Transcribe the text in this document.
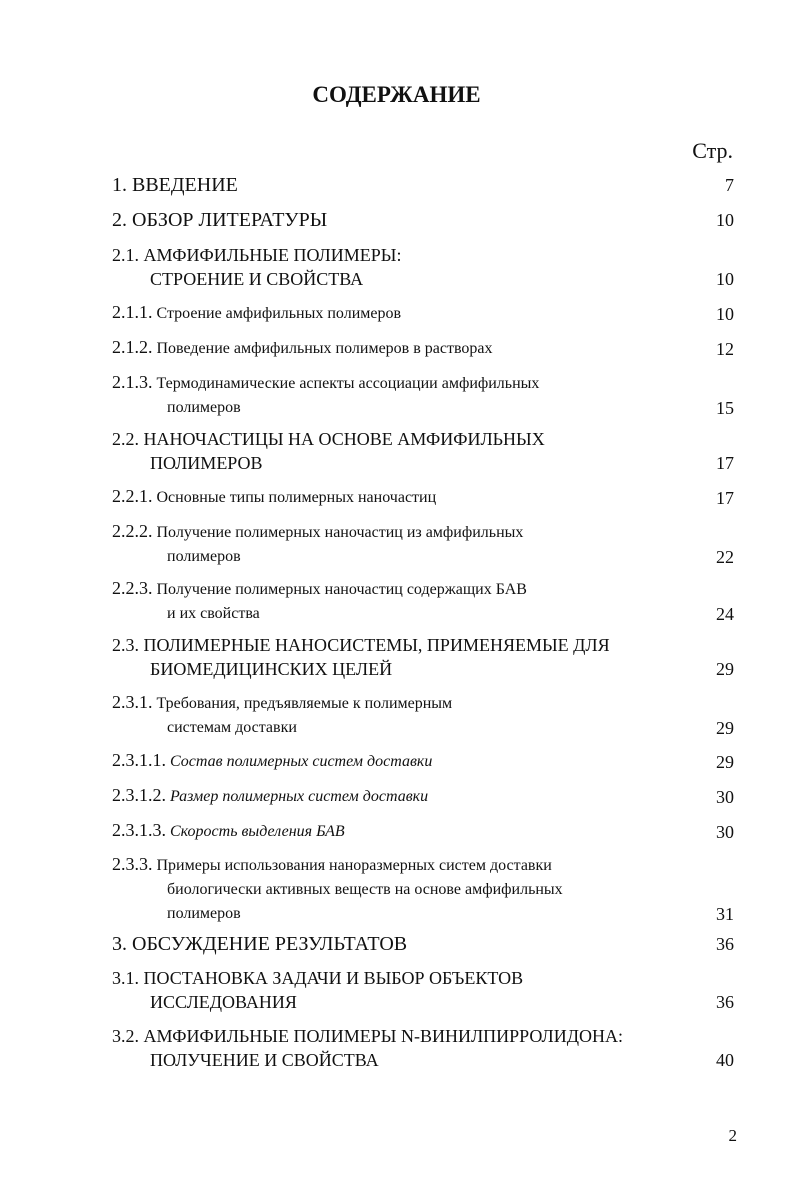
СОДЕРЖАНИЕ
Стр.
1. ВВЕДЕНИЕ	7
2. ОБЗОР ЛИТЕРАТУРЫ	10
2.1. АМФИФИЛЬНЫЕ ПОЛИМЕРЫ:
СТРОЕНИЕ И СВОЙСТВА	10
2.1.1. Строение амфифильных полимеров	10
2.1.2. Поведение амфифильных полимеров в растворах	12
2.1.3. Термодинамические аспекты ассоциации амфифильных
полимеров	15
2.2. НАНОЧАСТИЦЫ НА ОСНОВЕ АМФИФИЛЬНЫХ
ПОЛИМЕРОВ	17
2.2.1. Основные типы полимерных наночастиц	17
2.2.2. Получение полимерных наночастиц из амфифильных
полимеров	22
2.2.3. Получение полимерных наночастиц содержащих БАВ
и их свойства	24
2.3. ПОЛИМЕРНЫЕ НАНОСИСТЕМЫ, ПРИМЕНЯЕМЫЕ ДЛЯ
БИОМЕДИЦИНСКИХ ЦЕЛЕЙ	29
2.3.1. Требования, предъявляемые к полимерным
системам доставки	29
2.3.1.1. Состав полимерных систем доставки	29
2.3.1.2. Размер полимерных систем доставки	30
2.3.1.3. Скорость выделения БАВ	30
2.3.3. Примеры использования наноразмерных систем доставки
биологически активных веществ на основе амфифильных
полимеров	31
3. ОБСУЖДЕНИЕ РЕЗУЛЬТАТОВ	36
3.1. ПОСТАНОВКА ЗАДАЧИ И ВЫБОР ОБЪЕКТОВ
ИССЛЕДОВАНИЯ	36
3.2. АМФИФИЛЬНЫЕ ПОЛИМЕРЫ N-ВИНИЛПИРРОЛИДОНА:
ПОЛУЧЕНИЕ И СВОЙСТВА	40
2
